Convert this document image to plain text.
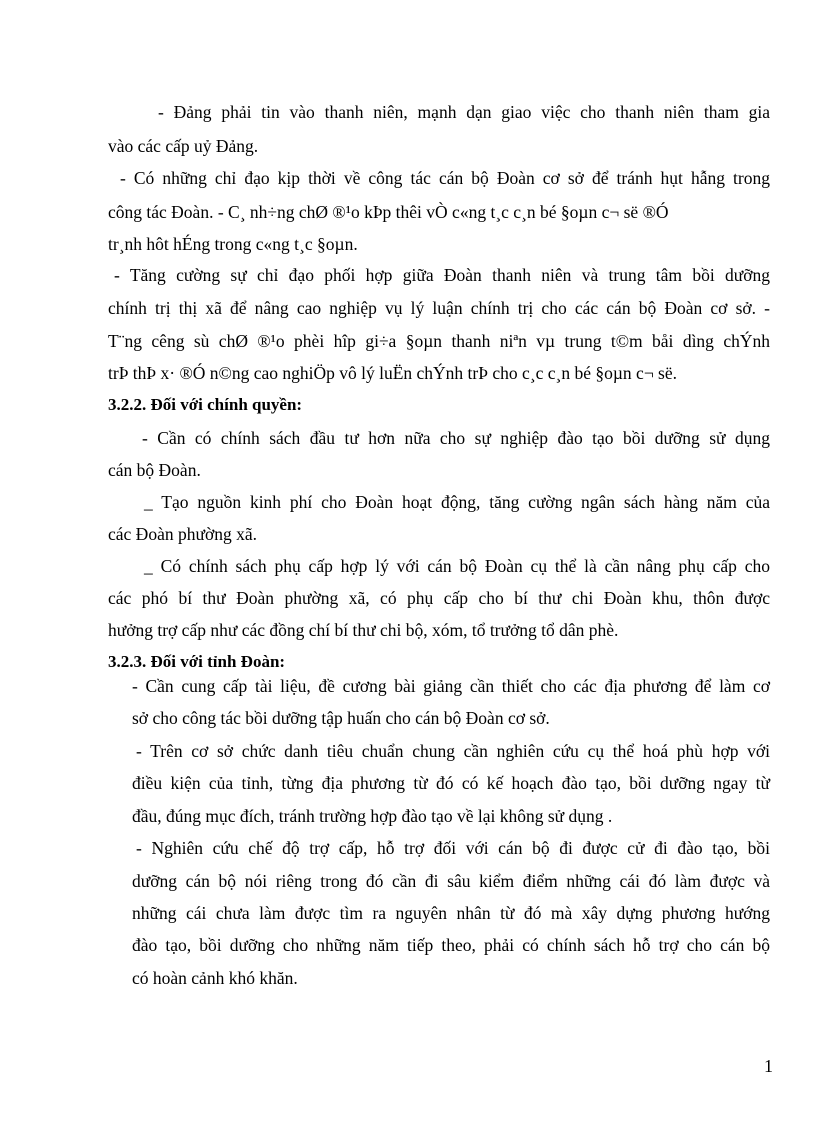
- Đảng phải tin vào thanh niên, mạnh dạn giao việc cho thanh niên tham gia
vào các cấp uỷ Đảng.
- Có những chỉ đạo kịp thời về công tác cán bộ Đoàn cơ sở để tránh hụt hẫng trong
công tác Đoàn. - C¸ nh÷ng chØ ®¹o kÞp thêi vÒ c«ng t¸c c¸n bé §oµn c¬ së ®Ó
tr¸nh hôt hÉng trong c«ng t¸c §oµn.
- Tăng cường sự chỉ đạo phối hợp giữa Đoàn thanh niên và trung tâm bồi dưỡng
chính trị thị xã để nâng cao nghiệp vụ lý luận chính trị cho các cán bộ Đoàn cơ sở. -
T¨ng cêng sù chØ ®¹o phèi hîp gi÷a §oµn thanh niªn vµ trung t©m båi dìng chÝnh
trÞ thÞ x· ®Ó n©ng cao nghiÖp vô lý luËn chÝnh trÞ cho c¸c c¸n bé §oµn c¬ së.
3.2.2. Đối với chính quyền:
- Cần có chính sách đầu tư hơn nữa cho sự nghiệp đào tạo bồi dưỡng sử dụng
cán bộ Đoàn.
_ Tạo nguồn kinh phí cho Đoàn hoạt động, tăng cường ngân sách hàng năm của
các Đoàn phường xã.
_ Có chính sách phụ cấp hợp lý với cán bộ Đoàn cụ thể là cần nâng phụ cấp cho
các phó bí thư Đoàn phường xã, có phụ cấp cho bí thư chi Đoàn khu, thôn được
hưởng trợ cấp như các đồng chí bí thư chi bộ, xóm, tổ trưởng tổ dân phè.
3.2.3. Đối với tỉnh Đoàn:
- Cần cung cấp tài liệu, đề cương bài giảng cần thiết cho các địa phương để làm cơ
sở cho công tác bồi dưỡng tập huấn cho cán bộ Đoàn cơ sở.
- Trên cơ sở chức danh tiêu chuẩn chung cần nghiên cứu cụ thể hoá phù hợp với
điều kiện của tỉnh, từng địa phương từ đó có kế hoạch đào tạo, bồi dưỡng ngay từ
đầu, đúng mục đích, tránh trường hợp đào tạo về lại không sử dụng .
- Nghiên cứu chế độ trợ cấp, hỗ trợ đối với cán bộ đi được cử đi đào tạo, bồi
dưỡng cán bộ nói riêng trong đó cần đi sâu kiểm điểm những cái đó làm được và
những cái chưa làm được tìm ra nguyên nhân từ đó mà xây dựng phương hướng
đào tạo, bồi dưỡng cho những năm tiếp theo, phải có chính sách hỗ trợ cho cán bộ
có hoàn cảnh khó khăn.
1
